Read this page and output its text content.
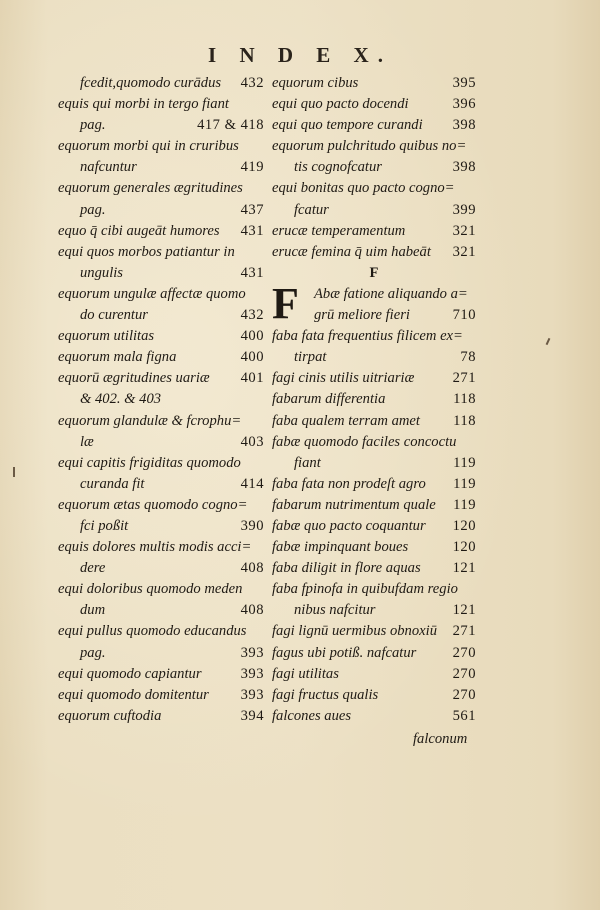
I N D E X.
fcedit,quomodo curādus 432
equis qui morbi in tergo fiant
pag.	417 & 418
equorum morbi qui in cruribus
nafcuntur	419
equorum generales ægritudines
pag.	437
equo q̄ cibi augeāt humores 431
equi quos morbos patiantur in
ungulis	431
equorum ungulæ affectæ quomo
do curentur	432
equorum utilitas	400
equorum mala figna	400
equorū ægritudines uariæ 401
& 402. & 403
equorum glandulæ & fcrophu=
læ	403
equi capitis frigiditas quomodo
curanda fit	414
equorum ætas quomodo cogno=
fci poßit	390
equis dolores multis modis acci=
dere	408
equi doloribus quomodo meden
dum	408
equi pullus quomodo educandus
pag.	393
equi quomodo capiantur	393
equi quomodo domitentur 393
equorum cuftodia	394
equorum cibus	395
equi quo pacto docendi	396
equi quo tempore curandi 398
equorum pulchritudo quibus no=
tis cognofcatur	398
equi bonitas quo pacto cogno=
fcatur	399
erucæ temperamentum	321
erucæ femina q̄ uim habeāt 321
F
F Abæ fatione aliquando a=
grū meliore fieri	710
faba fata frequentius filicem ex=
tirpat	78
fagi cinis utilis uitriariæ	271
fabarum differentia	118
faba qualem terram amet 118
fabæ quomodo faciles concoctu
fiant	119
faba fata non prodeſt agro 119
fabarum nutrimentum quale 119
fabæ quo pacto coquantur 120
fabæ impinquant boues	120
faba diligit in flore aquas 121
faba fpinofa in quibufdam regio
nibus nafcitur	121
fagi lignū uermibus obnoxiū 271
fagus ubi potiß. nafcatur 270
fagi utilitas	270
fagi fructus qualis	270
falcones aues	561
falconum
